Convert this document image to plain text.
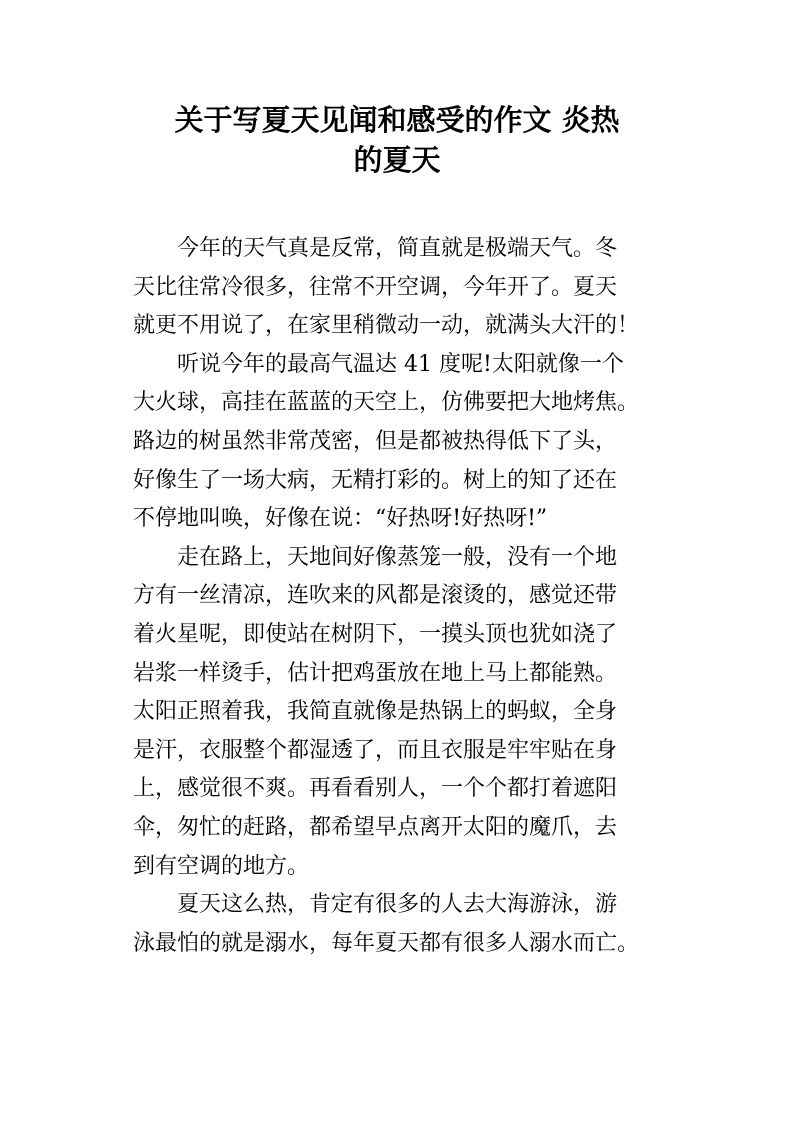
关于写夏天见闻和感受的作文 炎热
的夏天
今年的天气真是反常，简直就是极端天气。冬
天比往常冷很多，往常不开空调，今年开了。夏天
就更不用说了，在家里稍微动一动，就满头大汗的！
听说今年的最高气温达 41 度呢!太阳就像一个
大火球，高挂在蓝蓝的天空上，仿佛要把大地烤焦。
路边的树虽然非常茂密，但是都被热得低下了头，
好像生了一场大病，无精打彩的。树上的知了还在
不停地叫唤，好像在说：“好热呀!好热呀!”
走在路上，天地间好像蒸笼一般，没有一个地
方有一丝清凉，连吹来的风都是滚烫的，感觉还带
着火星呢，即使站在树阴下，一摸头顶也犹如浇了
岩浆一样烫手，估计把鸡蛋放在地上马上都能熟。
太阳正照着我，我简直就像是热锅上的蚂蚁，全身
是汗，衣服整个都湿透了，而且衣服是牢牢贴在身
上，感觉很不爽。再看看别人，一个个都打着遮阳
伞，匆忙的赶路，都希望早点离开太阳的魔爪，去
到有空调的地方。
夏天这么热，肯定有很多的人去大海游泳，游
泳最怕的就是溺水，每年夏天都有很多人溺水而亡。
